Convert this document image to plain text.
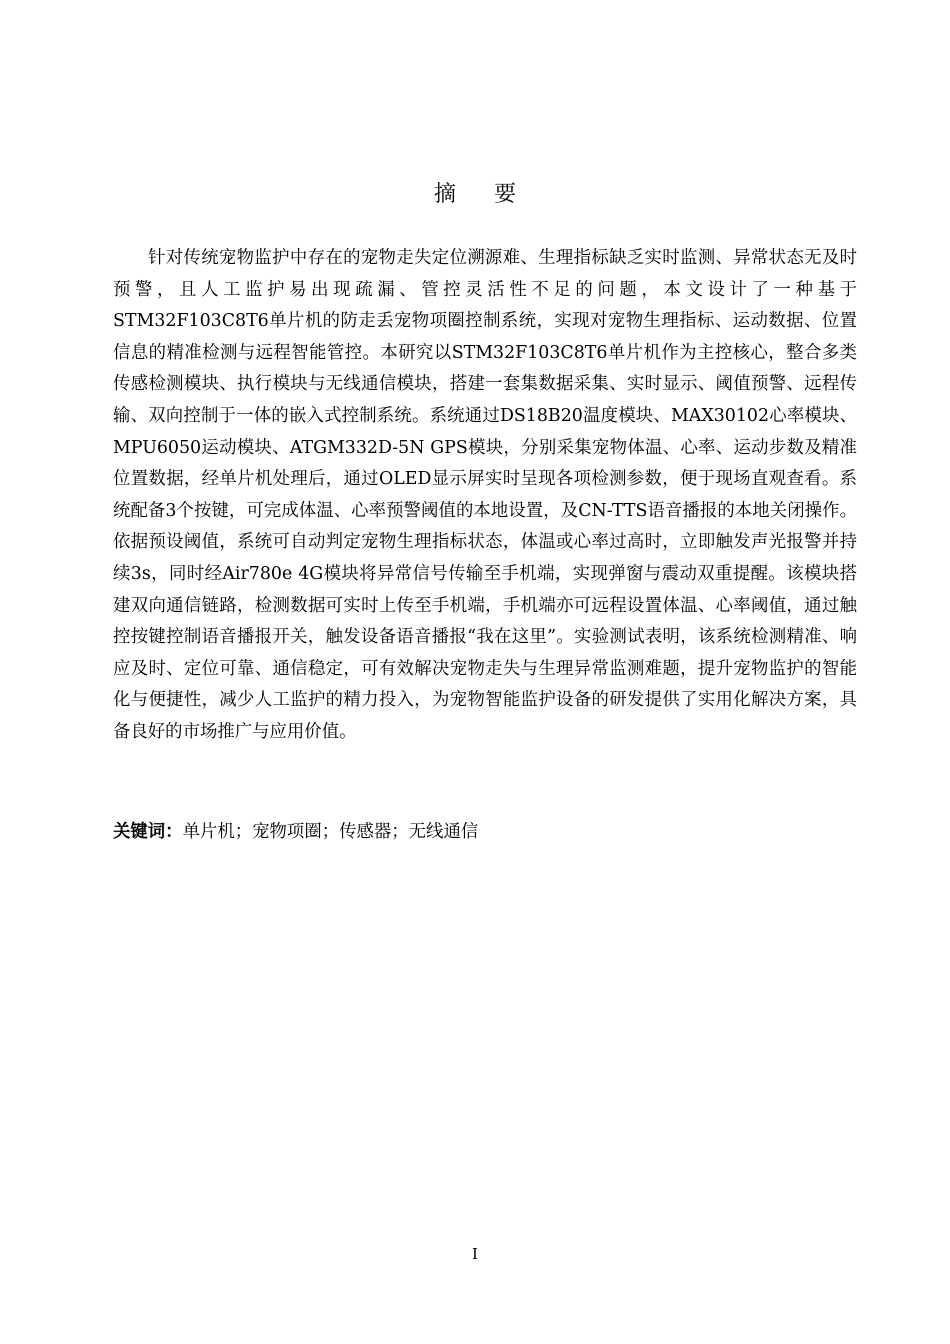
摘要

针对传统宠物监护中存在的宠物走失定位溯源难、生理指标缺乏实时监测、异常状态无及时预警，且人工监护易出现疏漏、管控灵活性不足的问题，本文设计了一种基于STM32F103C8T6单片机的防走丢宠物项圈控制系统，实现对宠物生理指标、运动数据、位置信息的精准检测与远程智能管控。本研究以STM32F103C8T6单片机作为主控核心，整合多类传感检测模块、执行模块与无线通信模块，搭建一套集数据采集、实时显示、阈值预警、远程传输、双向控制于一体的嵌入式控制系统。系统通过DS18B20温度模块、MAX30102心率模块、MPU6050运动模块、ATGM332D-5N GPS模块，分别采集宠物体温、心率、运动步数及精准位置数据，经单片机处理后，通过OLED显示屏实时呈现各项检测参数，便于现场直观查看。系统配备3个按键，可完成体温、心率预警阈值的本地设置，及CN-TTS语音播报的本地关闭操作。依据预设阈值，系统可自动判定宠物生理指标状态，体温或心率过高时，立即触发声光报警并持续3s，同时经Air780e 4G模块将异常信号传输至手机端，实现弹窗与震动双重提醒。该模块搭建双向通信链路，检测数据可实时上传至手机端，手机端亦可远程设置体温、心率阈值，通过触控按键控制语音播报开关，触发设备语音播报“我在这里”。实验测试表明，该系统检测精准、响应及时、定位可靠、通信稳定，可有效解决宠物走失与生理异常监测难题，提升宠物监护的智能化与便捷性，减少人工监护的精力投入，为宠物智能监护设备的研发提供了实用化解决方案，具备良好的市场推广与应用价值。

关键词：单片机；宠物项圈；传感器；无线通信
I
